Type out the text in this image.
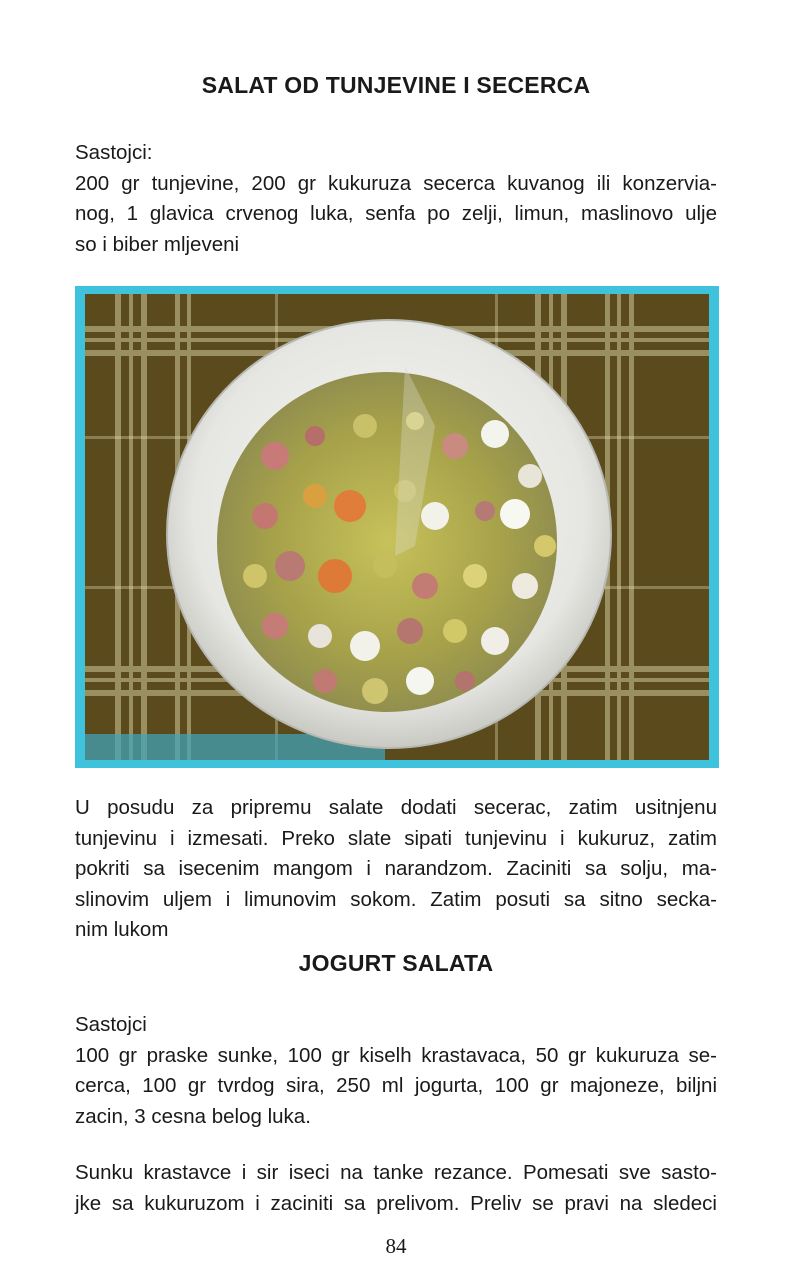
SALAT OD TUNJEVINE I SECERCA
Sastojci:
200 gr tunjevine, 200 gr kukuruza secerca kuvanog ili konzervia-
nog, 1 glavica crvenog luka, senfa po zelji, limun, maslinovo ulje
so i biber mljeveni
U posudu za pripremu salate dodati secerac, zatim usitnjenu
tunjevinu i izmesati. Preko slate sipati tunjevinu i kukuruz, zatim
pokriti sa isecenim mangom i narandzom. Zaciniti sa solju, ma-
slinovim uljem i limunovim sokom. Zatim posuti sa sitno secka-
nim lukom
JOGURT SALATA
Sastojci
100 gr praske sunke, 100 gr kiselh krastavaca, 50 gr kukuruza se-
cerca, 100 gr tvrdog sira, 250 ml jogurta, 100 gr majoneze, biljni
zacin, 3 cesna belog luka.
Sunku krastavce i sir iseci na tanke rezance. Pomesati sve sasto-
jke sa kukuruzom i zaciniti sa prelivom. Preliv se pravi na sledeci
84
